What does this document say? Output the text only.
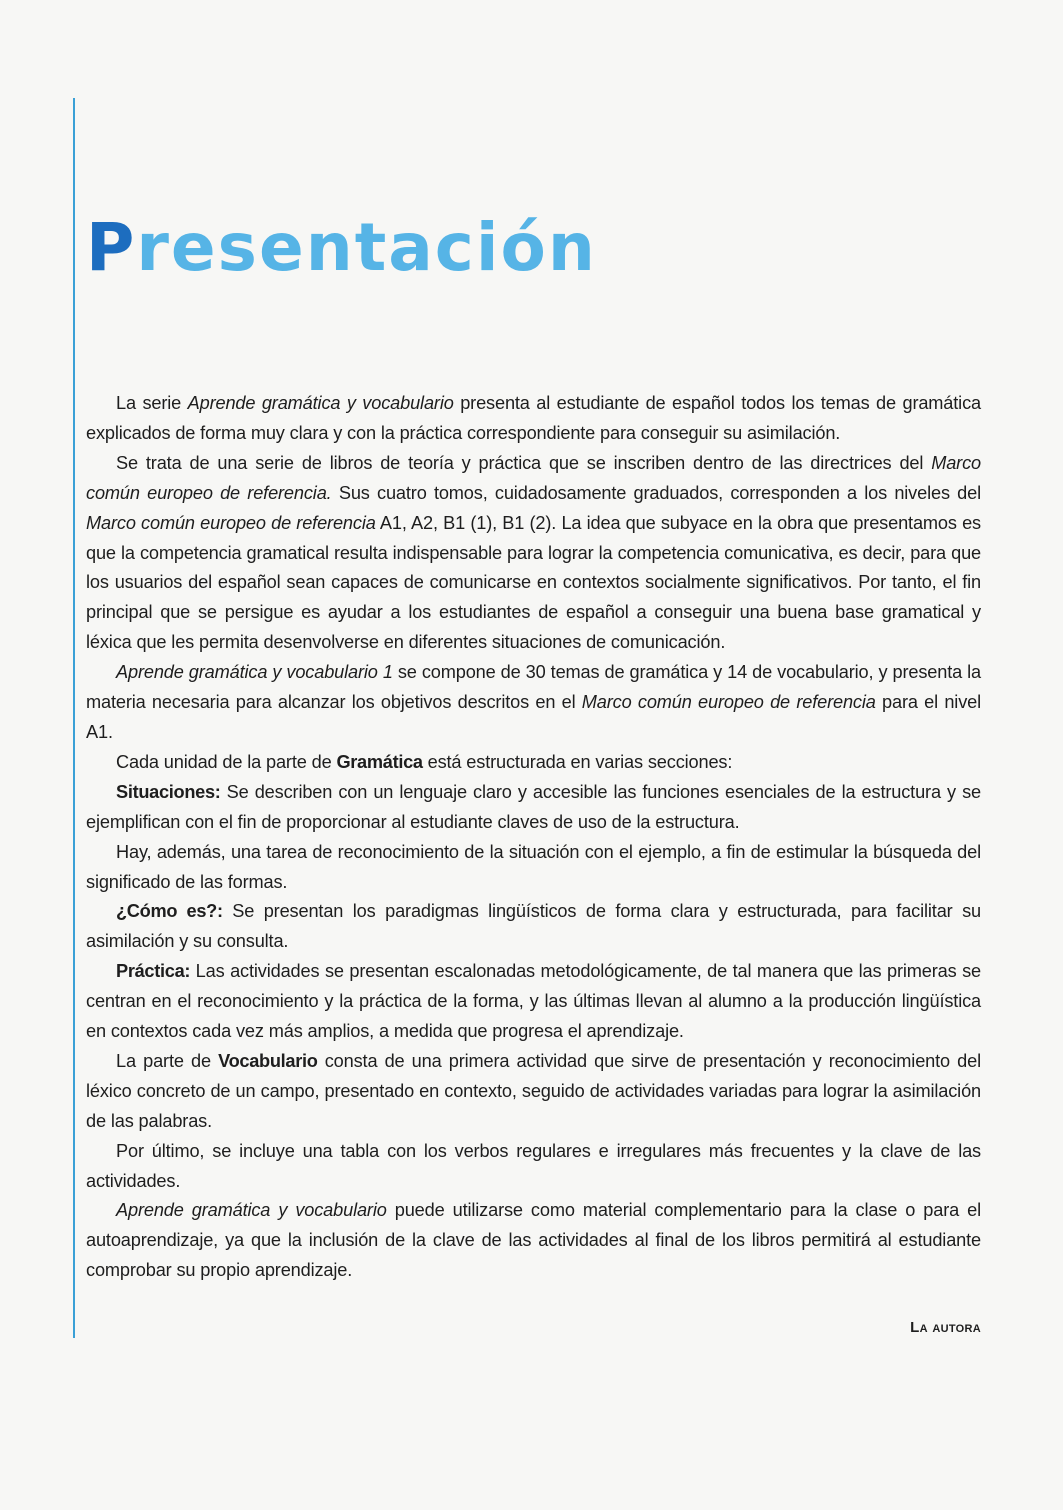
Presentación

La serie Aprende gramática y vocabulario presenta al estudiante de español todos los temas de gramática explicados de forma muy clara y con la práctica correspondiente para conseguir su asimilación.

Se trata de una serie de libros de teoría y práctica que se inscriben dentro de las directrices del Marco común europeo de referencia. Sus cuatro tomos, cuidadosamente graduados, corresponden a los niveles del Marco común europeo de referencia A1, A2, B1 (1), B1 (2). La idea que subyace en la obra que presentamos es que la competencia gramatical resulta indispensable para lograr la competencia comunicativa, es decir, para que los usuarios del español sean capaces de comunicarse en contextos socialmente significativos. Por tanto, el fin principal que se persigue es ayudar a los estudiantes de español a conseguir una buena base gramatical y léxica que les permita desenvolverse en diferentes situaciones de comunicación.

Aprende gramática y vocabulario 1 se compone de 30 temas de gramática y 14 de vocabulario, y presenta la materia necesaria para alcanzar los objetivos descritos en el Marco común europeo de referencia para el nivel A1.

Cada unidad de la parte de Gramática está estructurada en varias secciones:

Situaciones: Se describen con un lenguaje claro y accesible las funciones esenciales de la estructura y se ejemplifican con el fin de proporcionar al estudiante claves de uso de la estructura.

Hay, además, una tarea de reconocimiento de la situación con el ejemplo, a fin de estimular la búsqueda del significado de las formas.

¿Cómo es?: Se presentan los paradigmas lingüísticos de forma clara y estructurada, para facilitar su asimilación y su consulta.

Práctica: Las actividades se presentan escalonadas metodológicamente, de tal manera que las primeras se centran en el reconocimiento y la práctica de la forma, y las últimas llevan al alumno a la producción lingüística en contextos cada vez más amplios, a medida que progresa el aprendizaje.

La parte de Vocabulario consta de una primera actividad que sirve de presentación y reconocimiento del léxico concreto de un campo, presentado en contexto, seguido de actividades variadas para lograr la asimilación de las palabras.

Por último, se incluye una tabla con los verbos regulares e irregulares más frecuentes y la clave de las actividades.

Aprende gramática y vocabulario puede utilizarse como material complementario para la clase o para el autoaprendizaje, ya que la inclusión de la clave de las actividades al final de los libros permitirá al estudiante comprobar su propio aprendizaje.

La autora
